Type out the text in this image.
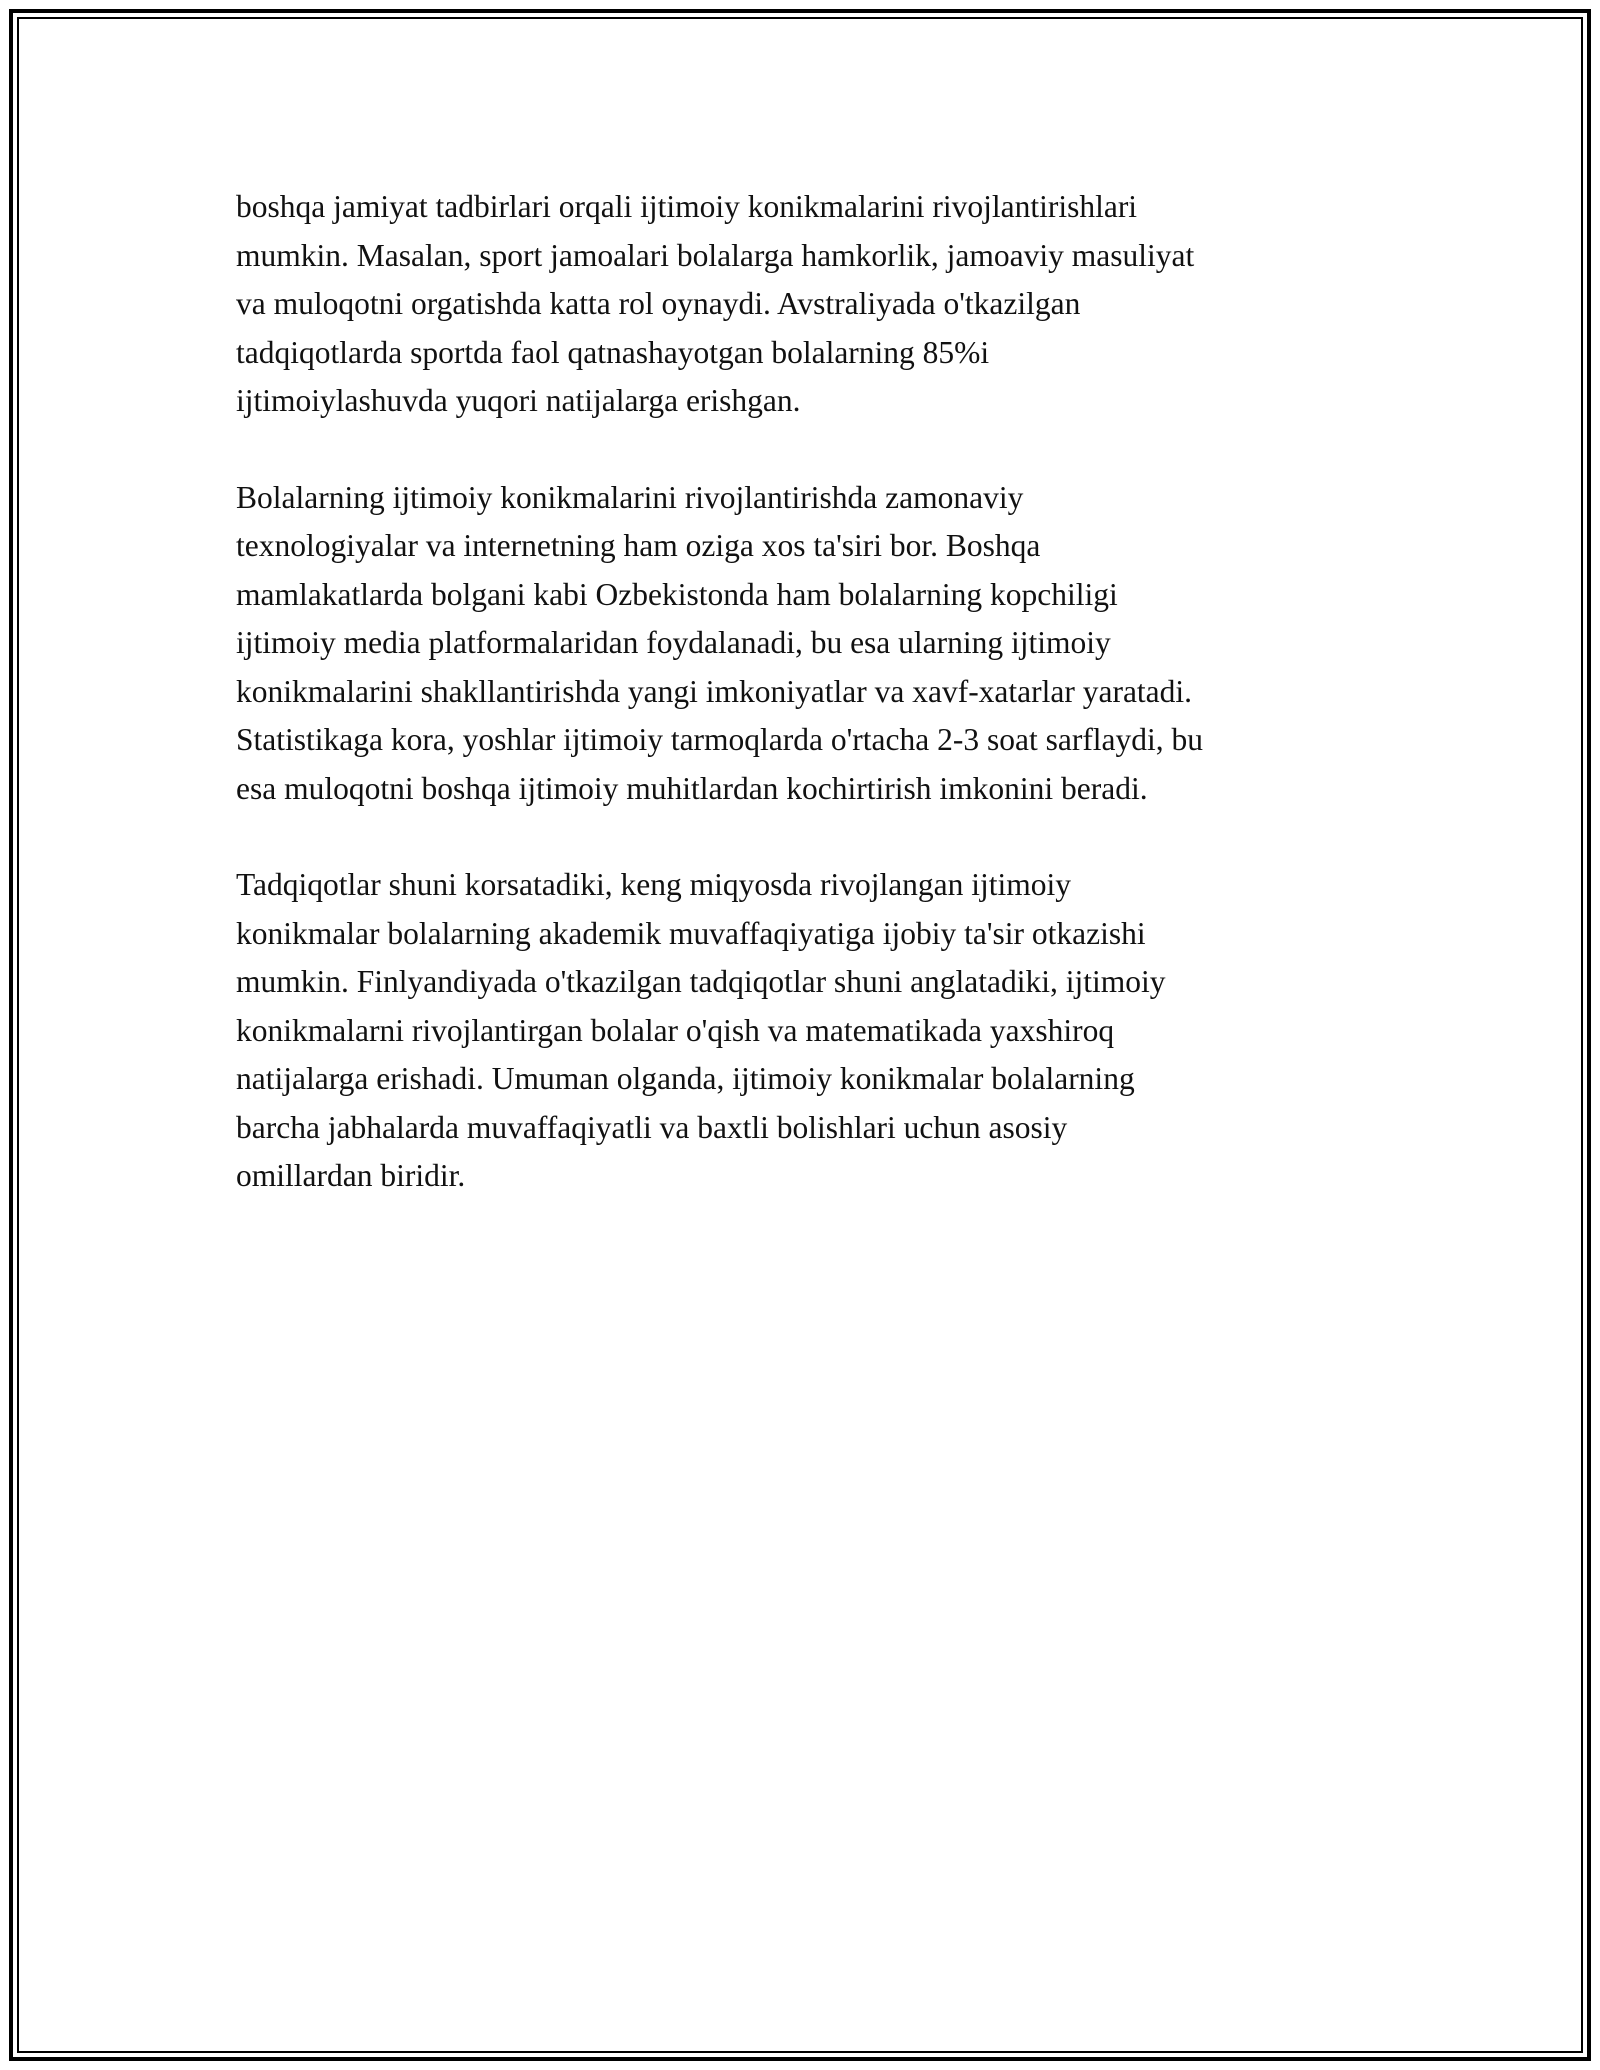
boshqa jamiyat tadbirlari orqali ijtimoiy konikmalarini rivojlantirishlari
mumkin. Masalan, sport jamoalari bolalarga hamkorlik, jamoaviy masuliyat
va muloqotni orgatishda katta rol oynaydi. Avstraliyada o'tkazilgan
tadqiqotlarda sportda faol qatnashayotgan bolalarning 85%i
ijtimoiylashuvda yuqori natijalarga erishgan.

Bolalarning ijtimoiy konikmalarini rivojlantirishda zamonaviy
texnologiyalar va internetning ham oziga xos ta'siri bor. Boshqa
mamlakatlarda bolgani kabi Ozbekistonda ham bolalarning kopchiligi
ijtimoiy media platformalaridan foydalanadi, bu esa ularning ijtimoiy
konikmalarini shakllantirishda yangi imkoniyatlar va xavf-xatarlar yaratadi.
Statistikaga kora, yoshlar ijtimoiy tarmoqlarda o'rtacha 2-3 soat sarflaydi, bu
esa muloqotni boshqa ijtimoiy muhitlardan kochirtirish imkonini beradi.

Tadqiqotlar shuni korsatadiki, keng miqyosda rivojlangan ijtimoiy
konikmalar bolalarning akademik muvaffaqiyatiga ijobiy ta'sir otkazishi
mumkin. Finlyandiyada o'tkazilgan tadqiqotlar shuni anglatadiki, ijtimoiy
konikmalarni rivojlantirgan bolalar o'qish va matematikada yaxshiroq
natijalarga erishadi. Umuman olganda, ijtimoiy konikmalar bolalarning
barcha jabhalarda muvaffaqiyatli va baxtli bolishlari uchun asosiy
omillardan biridir.
